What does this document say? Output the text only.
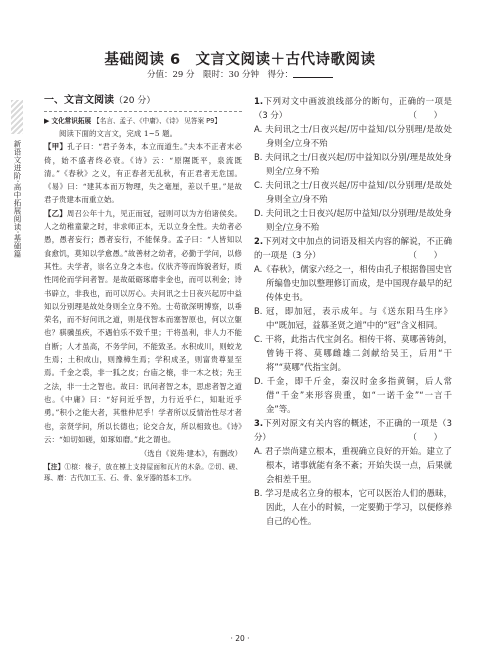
基础阅读 6　文言文阅读＋古代诗歌阅读
分值：29 分　限时：30 分钟　得分：
新语文进阶·高中拓展阅读·基础篇
一、文言文阅读（20 分）
▶ 文化常识拓展 【名言、孟子、《中庸》、《诗》 见答案 P9】

　　阅读下面的文言文，完成 1~5 题。

【甲】孔子曰：“君子务本，本立而道生。”夫本不正者末必倚，始不盛者终必衰。《诗》云：“原隰既平，泉流既清。”《春秋》之义，有正春者无乱秋，有正君者无危国。《易》曰：“建其本而万物理，失之毫厘，差以千里。”是故君子贵建本而重立始。

【乙】周召公年十九，见正而冠，冠则可以为方伯诸侯矣。人之幼稚童蒙之时，非求师正本，无以立身全性。夫幼者必愚，愚者妄行；愚者妄行，不能保身。孟子曰：“人皆知以食愈饥，莫知以学愈愚。”故善材之幼者，必勤于学问，以修其性。夫学者，崇名立身之本也。仪狀齐等而饰貌者好，质性同伦而学问者智。是故砥砺琢磨非金也，而可以利金；诗书辟立，非我也，而可以厉心。夫问讯之士日夜兴起厉中益知以分别理是故处身则全立身不殆。士苟欲深明博察，以垂荣名，而不好问讯之道，则是伐智本而塞智原也，何以立躯也？骐骥虽疾，不遇伯乐不致千里；干将虽利，非人力不能自断；人才虽高，不务学问，不能致圣。水积成川，则蛟龙生焉；土积成山，则豫樟生焉；学积成圣，则富贵尊显至焉。千金之裘，非一狐之皮；台庙之榱，非一木之枝；先王之法，非一士之智也。故曰：讯问者智之本，思虑者智之道也。《中庸》曰：“好问近乎智，力行近乎仁，知耻近乎勇。”积小之能大者，其惟仲尼乎！学者所以反情治性尽才者也，亲贤学问，所以长德也；论交合友，所以相致也。《诗》云：“如切如磋，如琢如磨。”此之谓也。

（选自《说苑·建本》，有删改）

【注】①榱：椽子，放在檩上支持屋面和瓦片的木条。②切、磋、琢、磨：古代加工玉、石、骨、象牙器的基本工序。

1.下列对文中画波浪线部分的断句，正确的一项是（3 分）	（　　）

A. 夫问讯之士/日夜兴起/厉中益知/以分别理/是故处身则全/立身不殆

B. 夫问讯之士/日夜兴起/厉中益知以分别/理是故处身则全/立身不殆

C. 夫问讯之士/日夜兴起/厉中益知/以分别理/是故处身则全立/身不殆

D. 夫问讯之士日夜兴/起厉中益知/以分别理/是故处身则全/立身不殆

2.下列对文中加点的词语及相关内容的解说，不正确的一项是（3 分）	（　　）

A.《春秋》，儒家六经之一，相传由孔子根据鲁国史官所编鲁史加以整理修订而成，是中国现存最早的纪传体史书。

B. 冠，即加冠，表示成年。与《送东阳马生序》中“既加冠，益慕圣贤之道”中的“冠”含义相同。

C. 干将，此指古代宝剑名。相传干将、莫哪善铸剑，曾铸干将、莫哪雌雄二剑献给吴王，后用“干将”“莫哪”代指宝剑。

D. 千金，即千斤金，秦汉时金多指黄铜，后人常借“千金”来形容贵重，如“一诺千金”“一言千金”等。

3.下列对原文有关内容的概述，不正确的一项是（3 分）	（　　）

A. 君子崇尚建立根本，重视确立良好的开始。建立了根本，诸事就能有条不紊；开始失误一点，后果就会相差千里。

B. 学习是成名立身的根本，它可以医治人们的愚昧，因此，人在小的时候，一定要勤于学习，以便修养自己的心性。

· 20 ·
